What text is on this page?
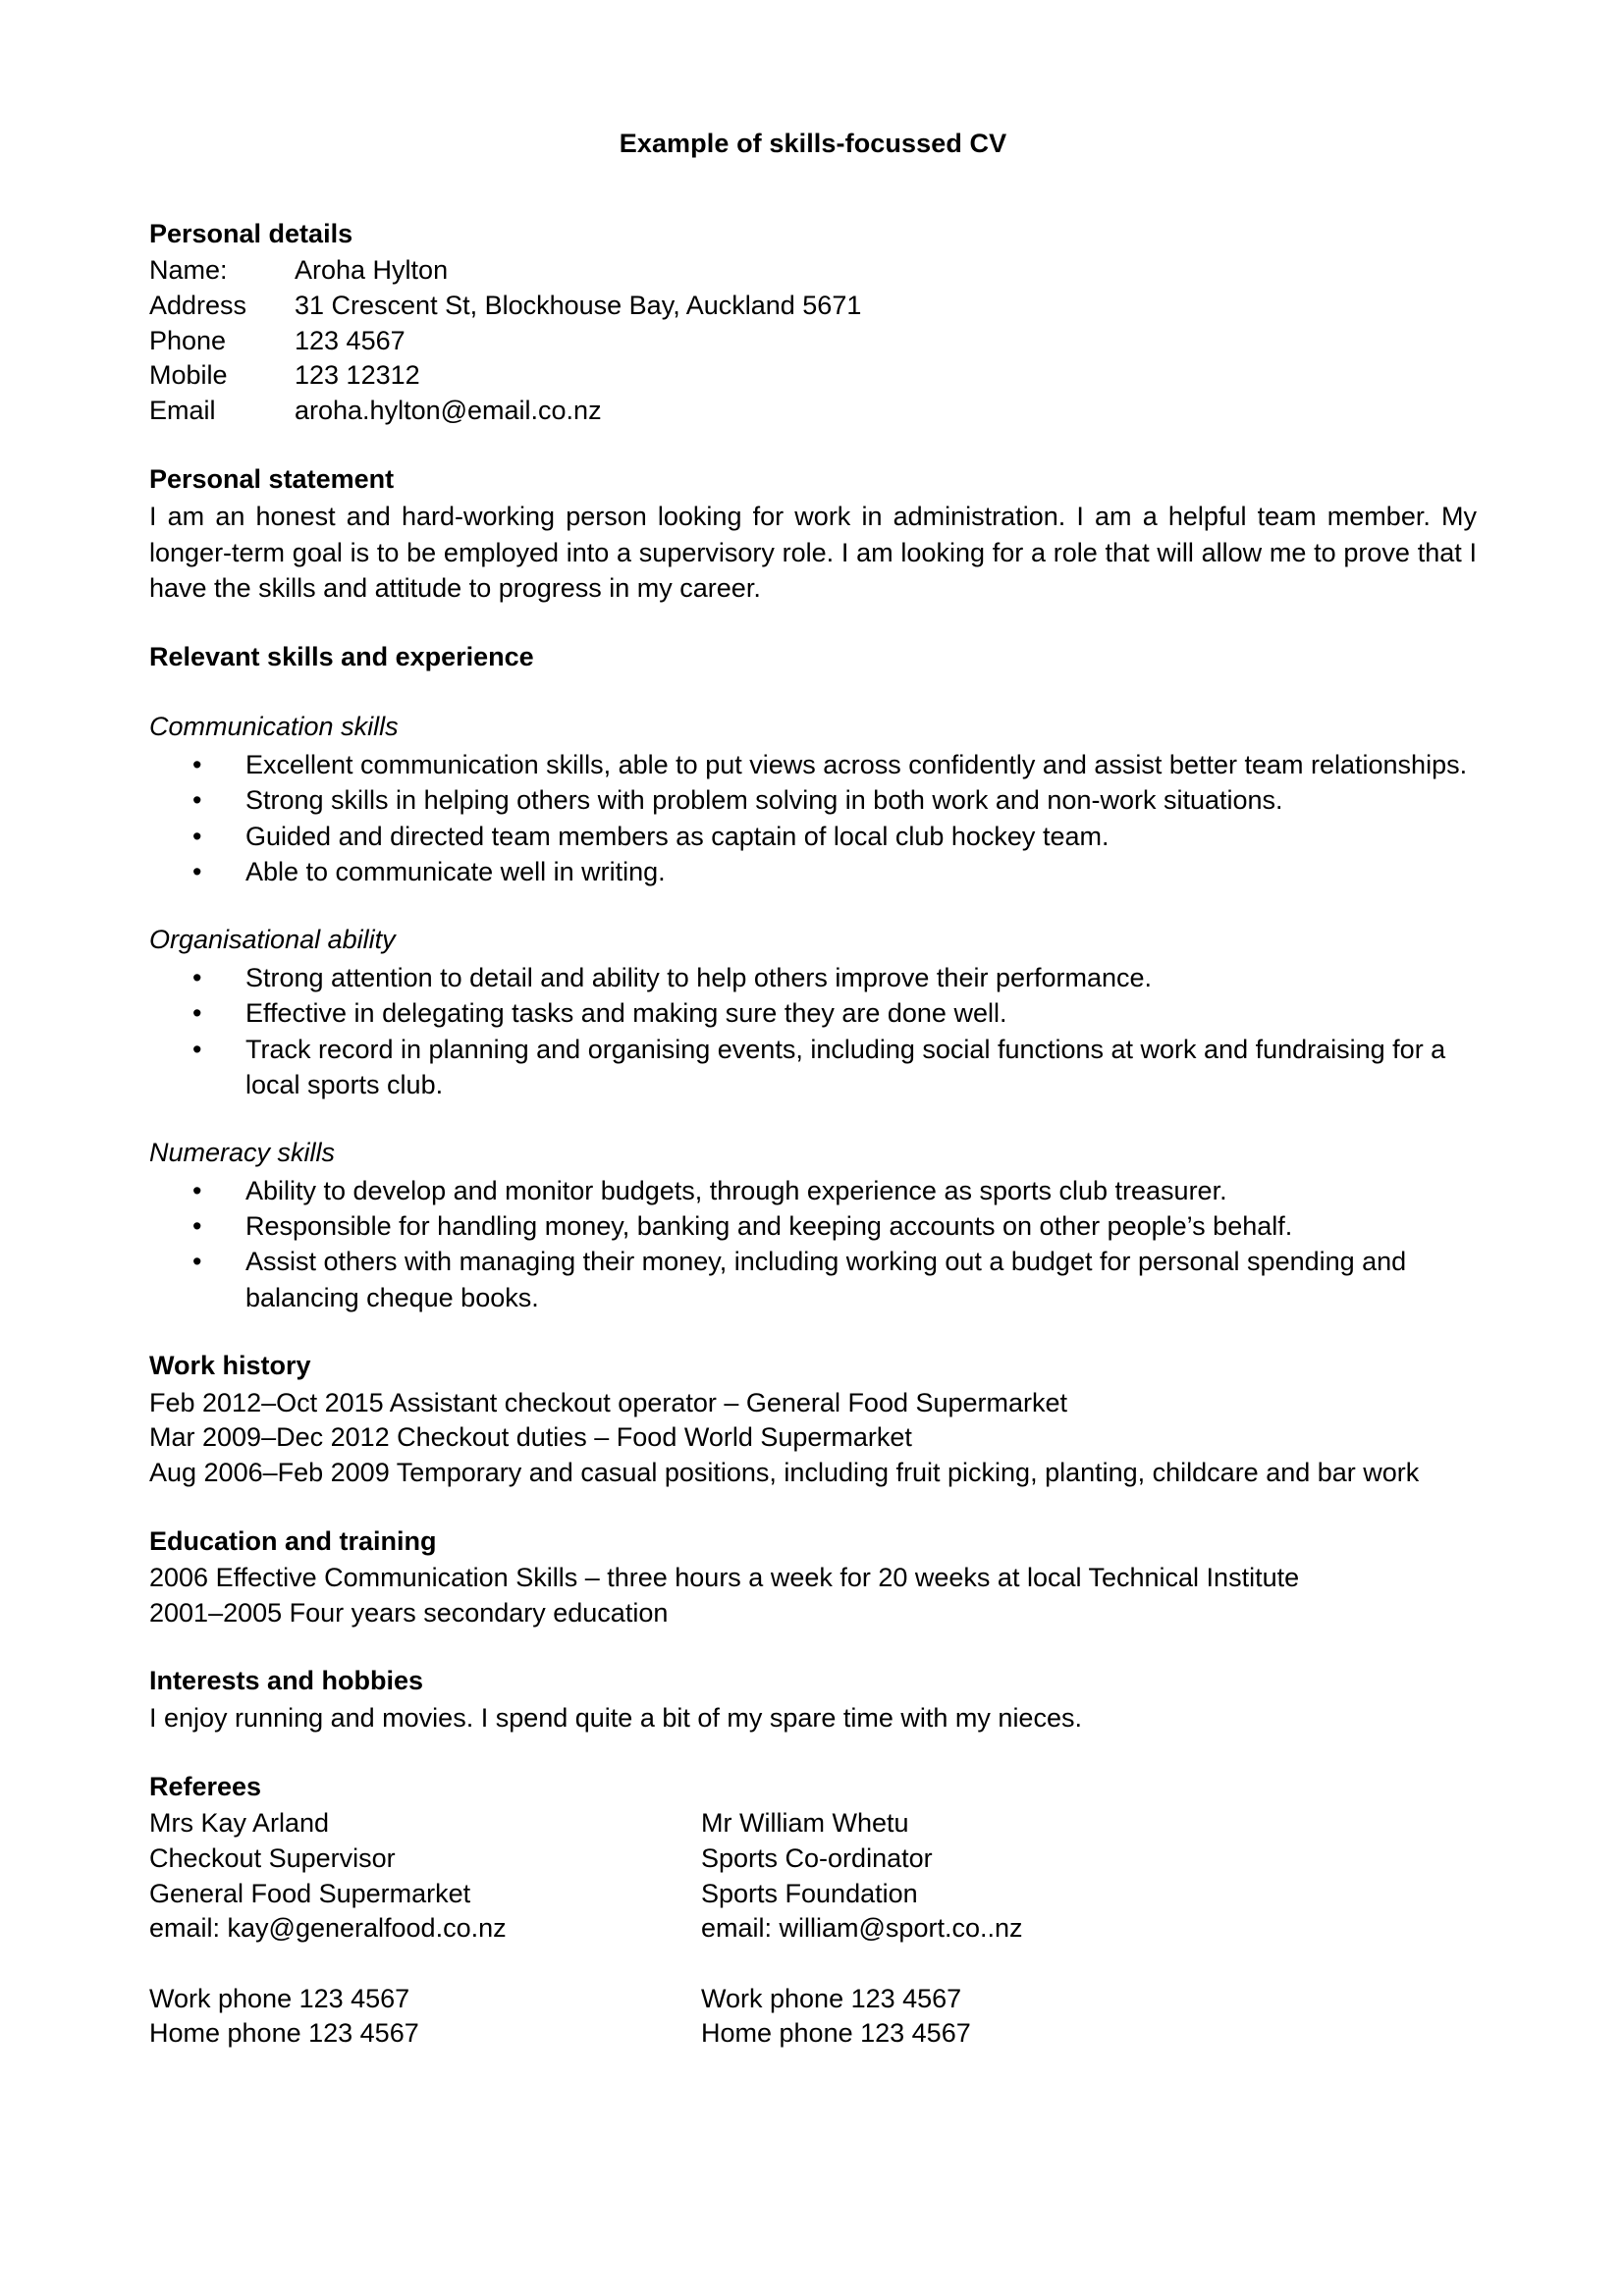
Example of skills-focussed CV
Personal details
Name:	Aroha Hylton
Address	31 Crescent St, Blockhouse Bay, Auckland 5671
Phone	123 4567
Mobile	123 12312
Email	aroha.hylton@email.co.nz
Personal statement

I am an honest and hard-working person looking for work in administration. I am a helpful team member. My longer-term goal is to be employed into a supervisory role. I am looking for a role that will allow me to prove that I have the skills and attitude to progress in my career.

Relevant skills and experience
Communication skills
• Excellent communication skills, able to put views across confidently and assist better team relationships.
• Strong skills in helping others with problem solving in both work and non-work situations.
• Guided and directed team members as captain of local club hockey team.
• Able to communicate well in writing.
Organisational ability
• Strong attention to detail and ability to help others improve their performance.
• Effective in delegating tasks and making sure they are done well.
• Track record in planning and organising events, including social functions at work and fundraising for a local sports club.
Numeracy skills
• Ability to develop and monitor budgets, through experience as sports club treasurer.
• Responsible for handling money, banking and keeping accounts on other people’s behalf.
• Assist others with managing their money, including working out a budget for personal spending and balancing cheque books.
Work history
Feb 2012–Oct 2015 Assistant checkout operator – General Food Supermarket
Mar 2009–Dec 2012 Checkout duties – Food World Supermarket
Aug 2006–Feb 2009 Temporary and casual positions, including fruit picking, planting, childcare and bar work
Education and training
2006 Effective Communication Skills – three hours a week for 20 weeks at local Technical Institute
2001–2005 Four years secondary education
Interests and hobbies
I enjoy running and movies. I spend quite a bit of my spare time with my nieces.
Referees
Mrs Kay Arland	Mr William Whetu
Checkout Supervisor	Sports Co-ordinator
General Food Supermarket	Sports Foundation
email: kay@generalfood.co.nz	email: william@sport.co..nz

Work phone 123 4567	Work phone 123 4567
Home phone 123 4567	Home phone 123 4567
